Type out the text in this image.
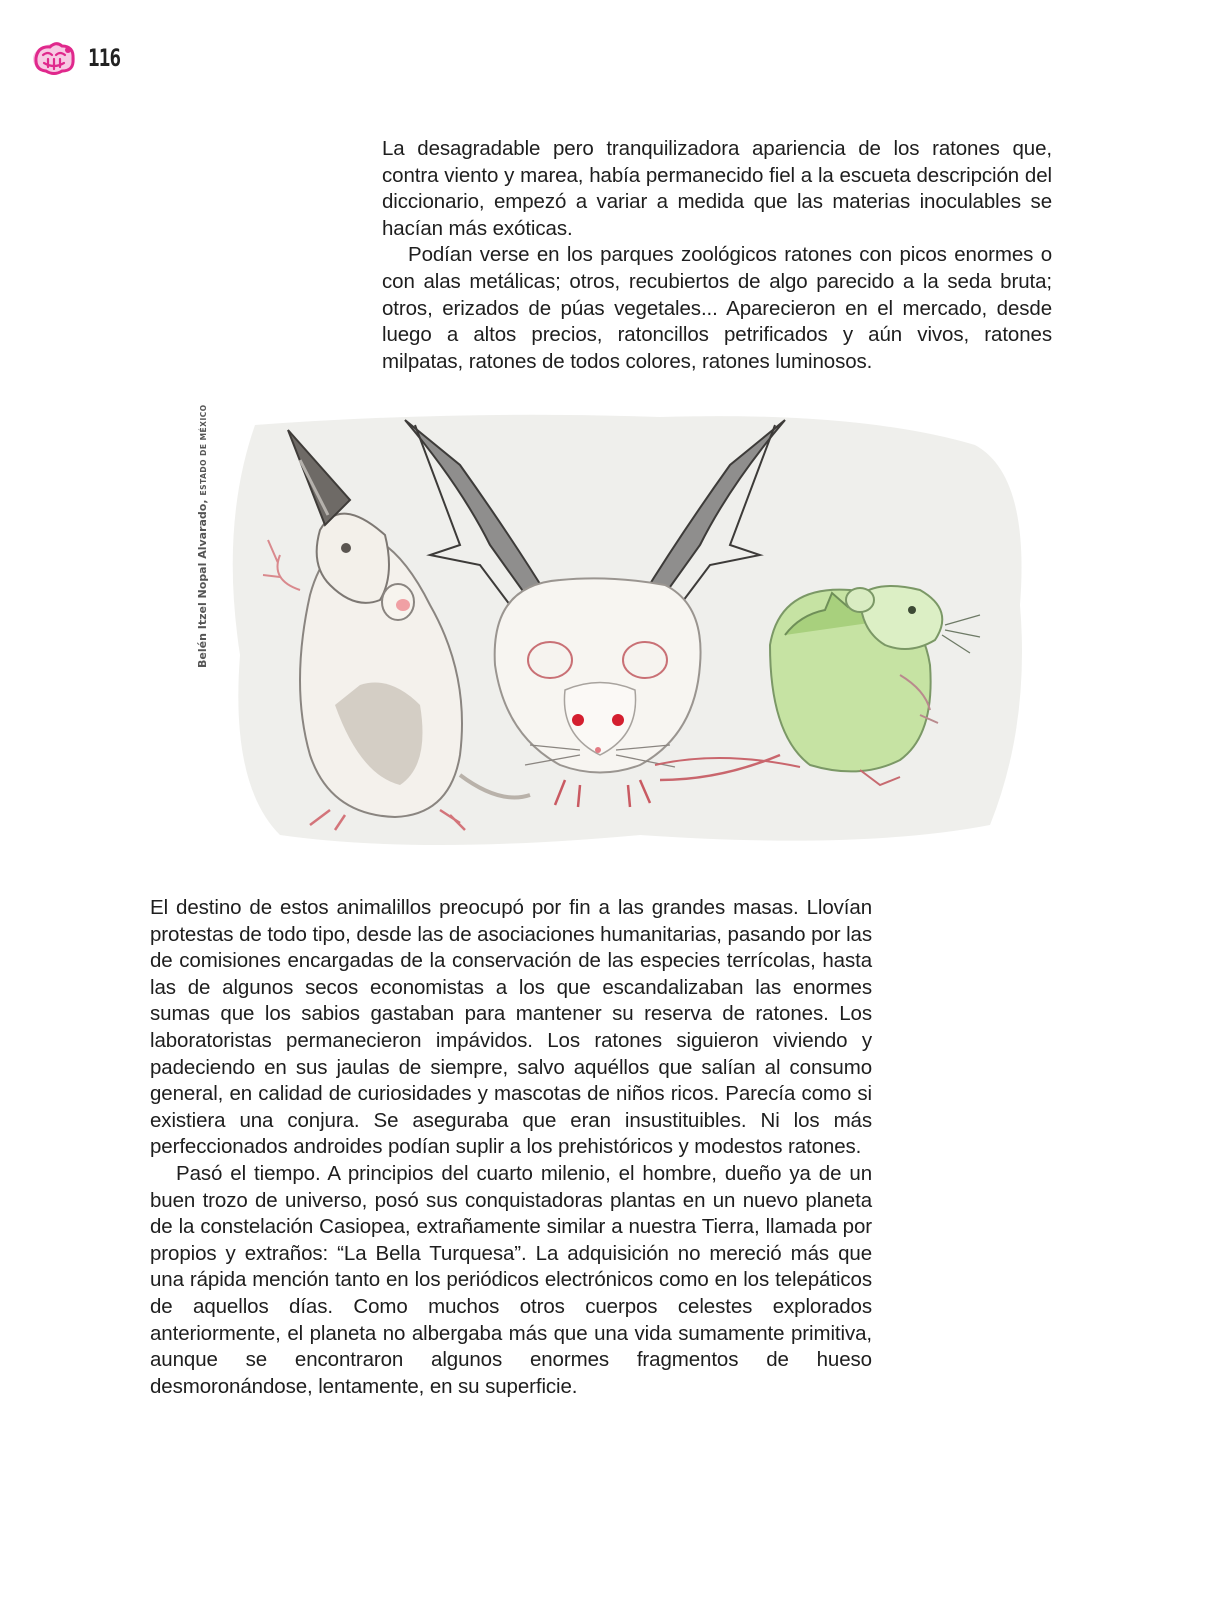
116

La desagradable pero tranquilizadora apariencia de los ratones que, contra viento y marea, había permanecido fiel a la escueta descripción del diccionario, empezó a variar a medida que las materias inoculables se hacían más exóticas.

Podían verse en los parques zoológicos ratones con picos enormes o con alas metálicas; otros, recubiertos de algo parecido a la seda bruta; otros, erizados de púas vegetales... Aparecieron en el mercado, desde luego a altos precios, ratoncillos petrificados y aún vivos, ratones milpatas, ratones de todos colores, ratones luminosos.

Belén Itzel Nopal Alvarado,ESTADO DE MÉXICO

El destino de estos animalillos preocupó por fin a las grandes masas. Llovían protestas de todo tipo, desde las de asociaciones humanitarias, pasando por las de comisiones encargadas de la conservación de las especies terrícolas, hasta las de algunos secos economistas a los que escandalizaban las enormes sumas que los sabios gastaban para mantener su reserva de ratones. Los laboratoristas permanecieron impávidos. Los ratones siguieron viviendo y padeciendo en sus jaulas de siempre, salvo aquéllos que salían al consumo general, en calidad de curiosidades y mascotas de niños ricos. Parecía como si existiera una conjura. Se aseguraba que eran insustituibles. Ni los más perfeccionados androides podían suplir a los prehistóricos y modestos ratones.

Pasó el tiempo. A principios del cuarto milenio, el hombre, dueño ya de un buen trozo de universo, posó sus conquistadoras plantas en un nuevo planeta de la constelación Casiopea, extrañamente similar a nuestra Tierra, llamada por propios y extraños: “La Bella Turquesa”. La adquisición no mereció más que una rápida mención tanto en los periódicos electrónicos como en los telepáticos de aquellos días. Como muchos otros cuerpos celestes explorados anteriormente, el planeta no albergaba más que una vida sumamente primitiva, aunque se encontraron algunos enormes fragmentos de hueso desmoronándose, lentamente, en su superficie.
